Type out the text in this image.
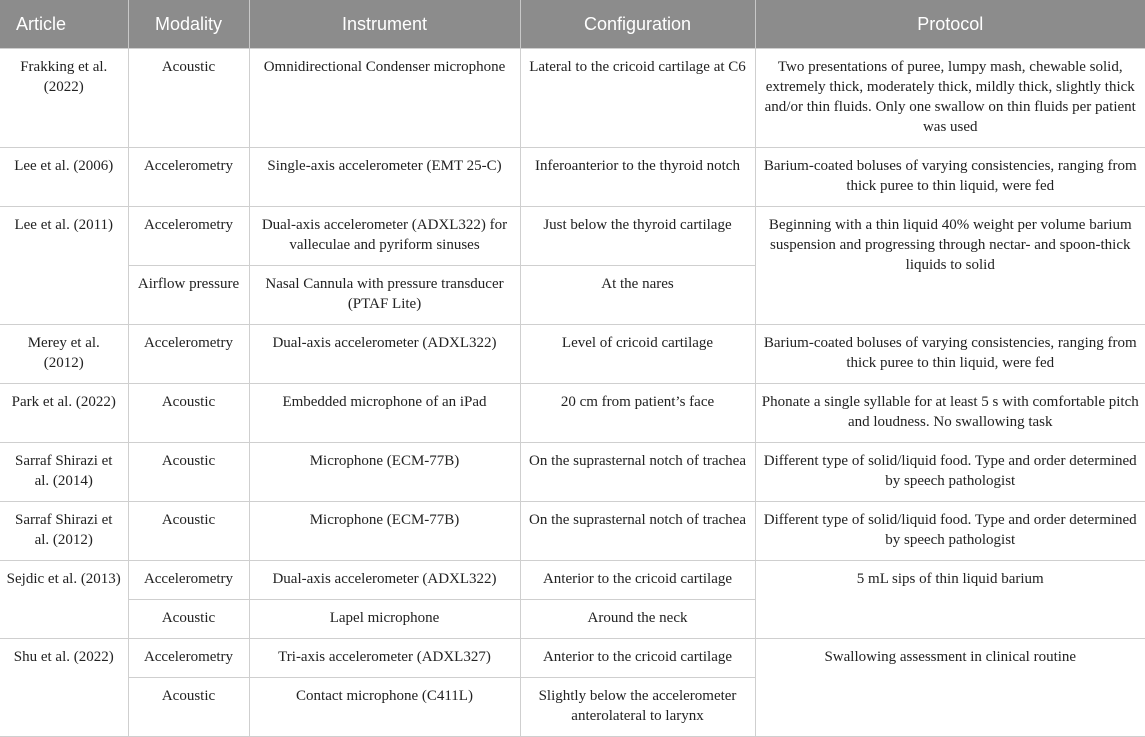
Article	Modality	Instrument	Configuration	Protocol
Frakking et al. (2022)	Acoustic	Omnidirectional Condenser microphone	Lateral to the cricoid cartilage at C6	Two presentations of puree, lumpy mash, chewable solid, extremely thick, moderately thick, mildly thick, slightly thick and/or thin fluids. Only one swallow on thin fluids per patient was used
Lee et al. (2006)	Accelerometry	Single-axis accelerometer (EMT 25-C)	Inferoanterior to the thyroid notch	Barium-coated boluses of varying consistencies, ranging from thick puree to thin liquid, were fed
Lee et al. (2011)	Accelerometry	Dual-axis accelerometer (ADXL322) for valleculae and pyriform sinuses	Just below the thyroid cartilage	Beginning with a thin liquid 40% weight per volume barium suspension and progressing through nectar- and spoon-thick liquids to solid
	Airflow pressure	Nasal Cannula with pressure transducer (PTAF Lite)	At the nares	
Merey et al. (2012)	Accelerometry	Dual-axis accelerometer (ADXL322)	Level of cricoid cartilage	Barium-coated boluses of varying consistencies, ranging from thick puree to thin liquid, were fed
Park et al. (2022)	Acoustic	Embedded microphone of an iPad	20 cm from patient’s face	Phonate a single syllable for at least 5 s with comfortable pitch and loudness. No swallowing task
Sarraf Shirazi et al. (2014)	Acoustic	Microphone (ECM-77B)	On the suprasternal notch of trachea	Different type of solid/liquid food. Type and order determined by speech pathologist
Sarraf Shirazi et al. (2012)	Acoustic	Microphone (ECM-77B)	On the suprasternal notch of trachea	Different type of solid/liquid food. Type and order determined by speech pathologist
Sejdic et al. (2013)	Accelerometry	Dual-axis accelerometer (ADXL322)	Anterior to the cricoid cartilage	5 mL sips of thin liquid barium
	Acoustic	Lapel microphone	Around the neck	
Shu et al. (2022)	Accelerometry	Tri-axis accelerometer (ADXL327)	Anterior to the cricoid cartilage	Swallowing assessment in clinical routine
	Acoustic	Contact microphone (C411L)	Slightly below the accelerometer anterolateral to larynx	
